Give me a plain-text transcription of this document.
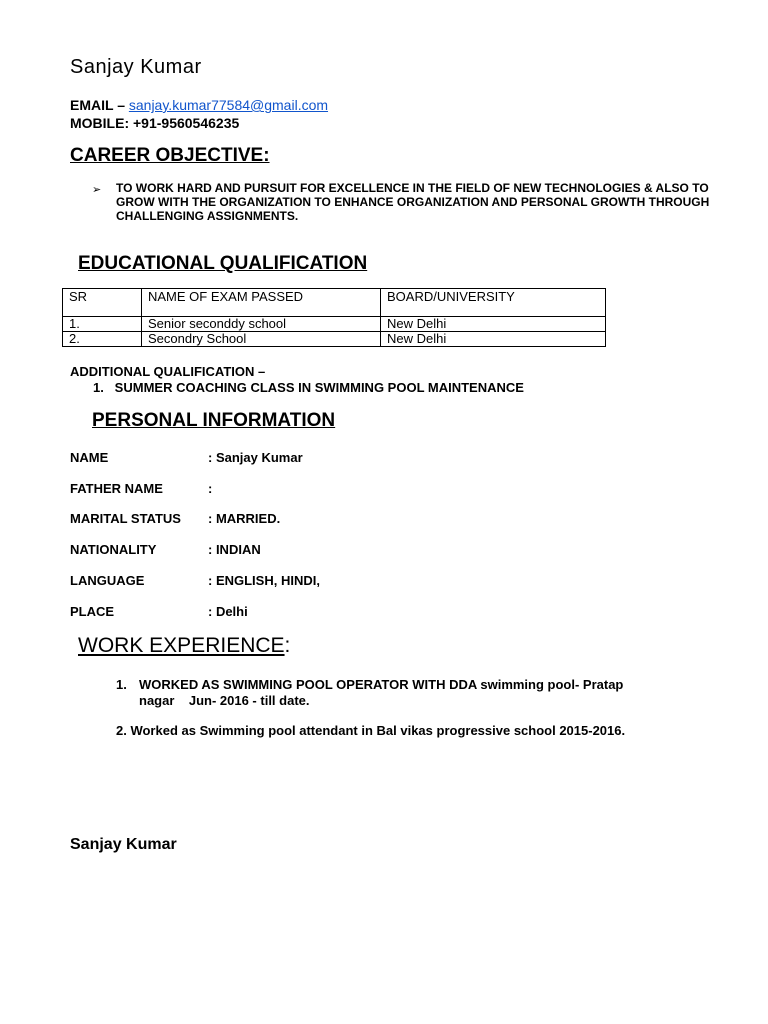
Sanjay Kumar
EMAIL – sanjay.kumar77584@gmail.com
MOBILE: +91-9560546235
CAREER OBJECTIVE:
➢ TO WORK HARD AND PURSUIT FOR EXCELLENCE IN THE FIELD OF NEW TECHNOLOGIES & ALSO TO GROW WITH THE ORGANIZATION TO ENHANCE ORGANIZATION AND PERSONAL GROWTH THROUGH CHALLENGING ASSIGNMENTS.
EDUCATIONAL QUALIFICATION
SR	NAME OF EXAM PASSED	BOARD/UNIVERSITY
1.	Senior seconddy school	New Delhi
2.	Secondry School	New Delhi
ADDITIONAL QUALIFICATION –
1.   SUMMER COACHING CLASS IN SWIMMING POOL MAINTENANCE
PERSONAL INFORMATION
NAME	: Sanjay Kumar
FATHER NAME	:
MARITAL STATUS : MARRIED.
NATIONALITY	: INDIAN
LANGUAGE	: ENGLISH, HINDI,
PLACE	: Delhi
WORK EXPERIENCE:
1. WORKED AS SWIMMING POOL OPERATOR WITH DDA swimming pool- Pratap
nagar    Jun- 2016 - till date.
2. Worked as Swimming pool attendant in Bal vikas progressive school 2015-2016.
Sanjay Kumar
